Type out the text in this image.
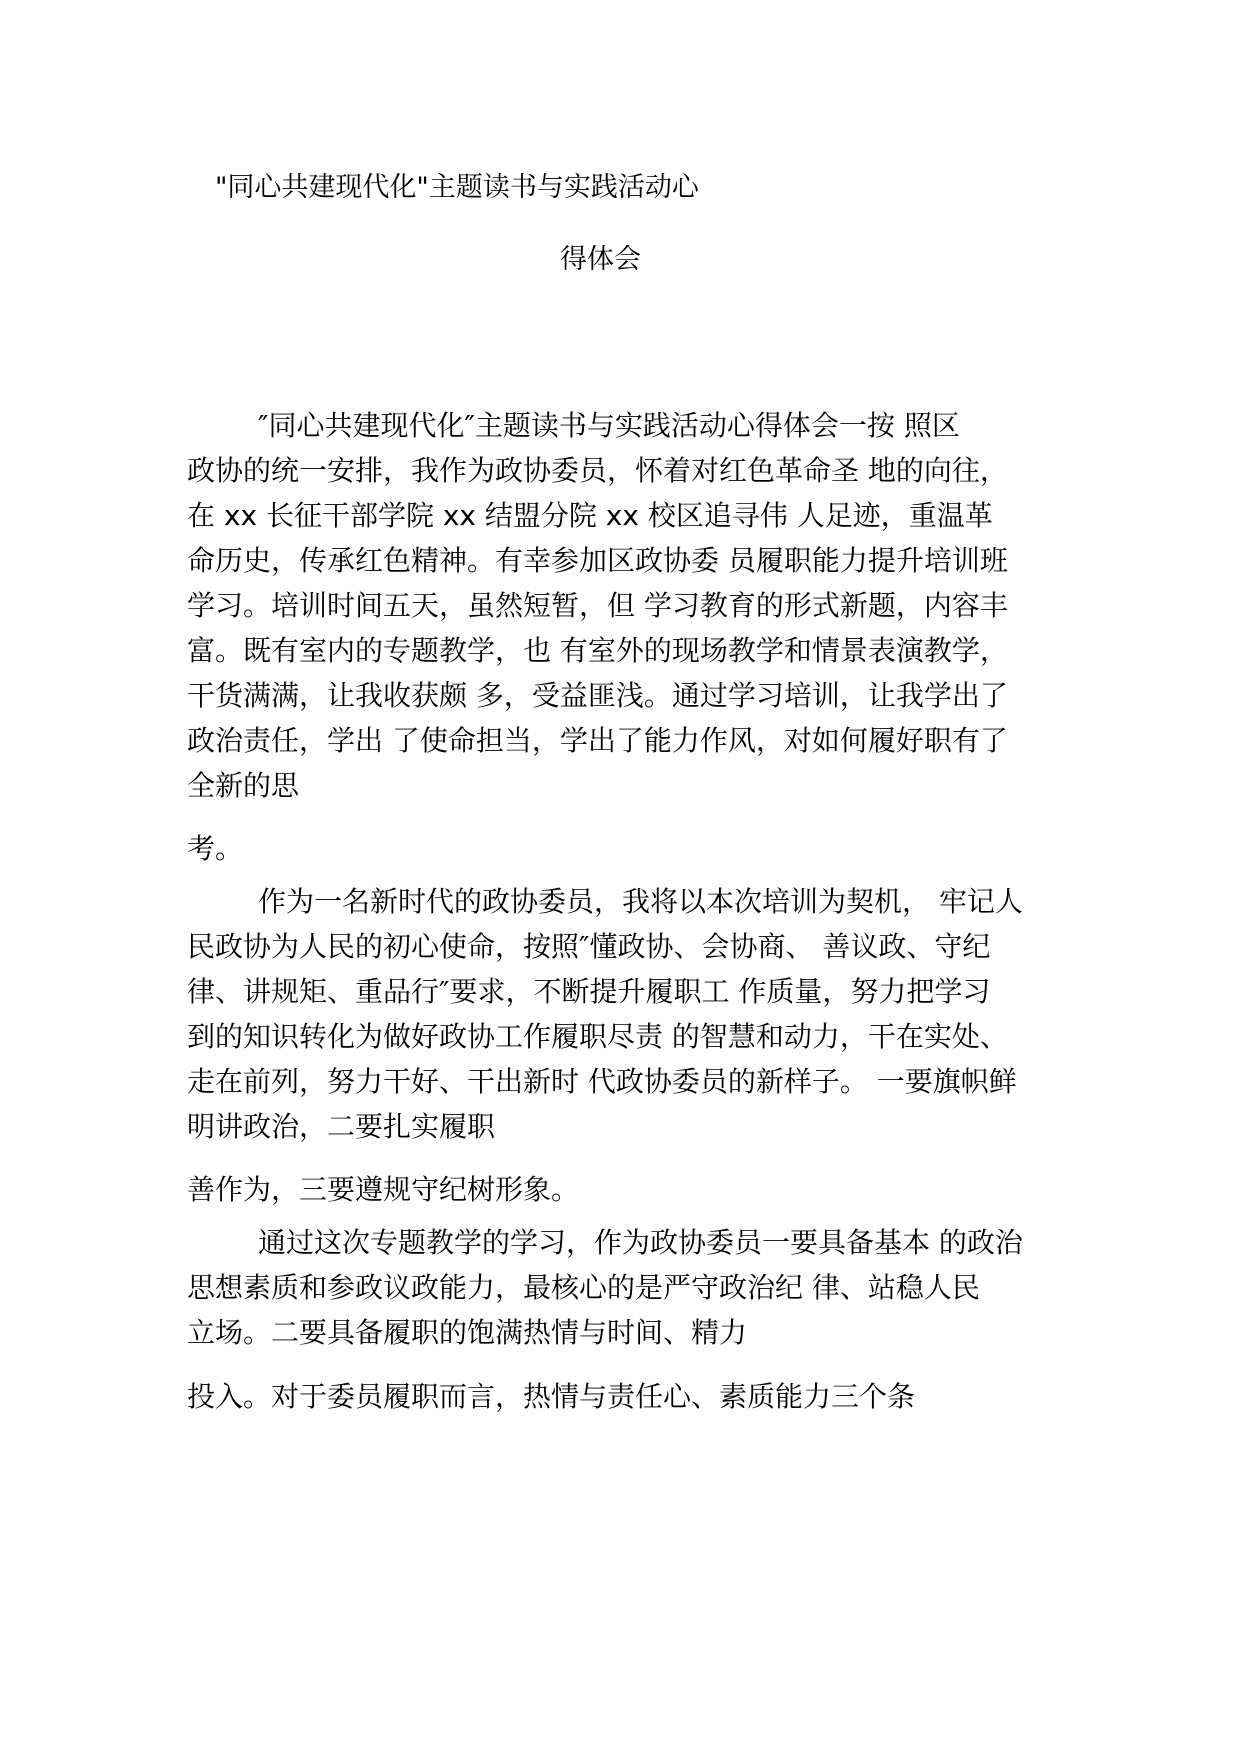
"同心共建现代化"主题读书与实践活动心
得体会
″同心共建现代化″主题读书与实践活动心得体会一按 照区
政协的统一安排，我作为政协委员，怀着对红色革命圣 地的向往，
在 xx 长征干部学院 xx 结盟分院 xx 校区追寻伟 人足迹，重温革
命历史，传承红色精神。有幸参加区政协委 员履职能力提升培训班
学习。培训时间五天，虽然短暂，但 学习教育的形式新题，内容丰
富。既有室内的专题教学，也 有室外的现场教学和情景表演教学，
干货满满，让我收获颇 多，受益匪浅。通过学习培训，让我学出了
政治责任，学出 了使命担当，学出了能力作风，对如何履好职有了
全新的思
考。
作为一名新时代的政协委员，我将以本次培训为契机， 牢记人
民政协为人民的初心使命，按照″懂政协、会协商、 善议政、守纪
律、讲规矩、重品行″要求，不断提升履职工 作质量，努力把学习
到的知识转化为做好政协工作履职尽责 的智慧和动力，干在实处、
走在前列，努力干好、干出新时 代政协委员的新样子。 一要旗帜鲜
明讲政治，二要扎实履职
善作为，三要遵规守纪树形象。
通过这次专题教学的学习，作为政协委员一要具备基本 的政治
思想素质和参政议政能力，最核心的是严守政治纪 律、站稳人民
立场。二要具备履职的饱满热情与时间、精力
投入。对于委员履职而言，热情与责任心、素质能力三个条
